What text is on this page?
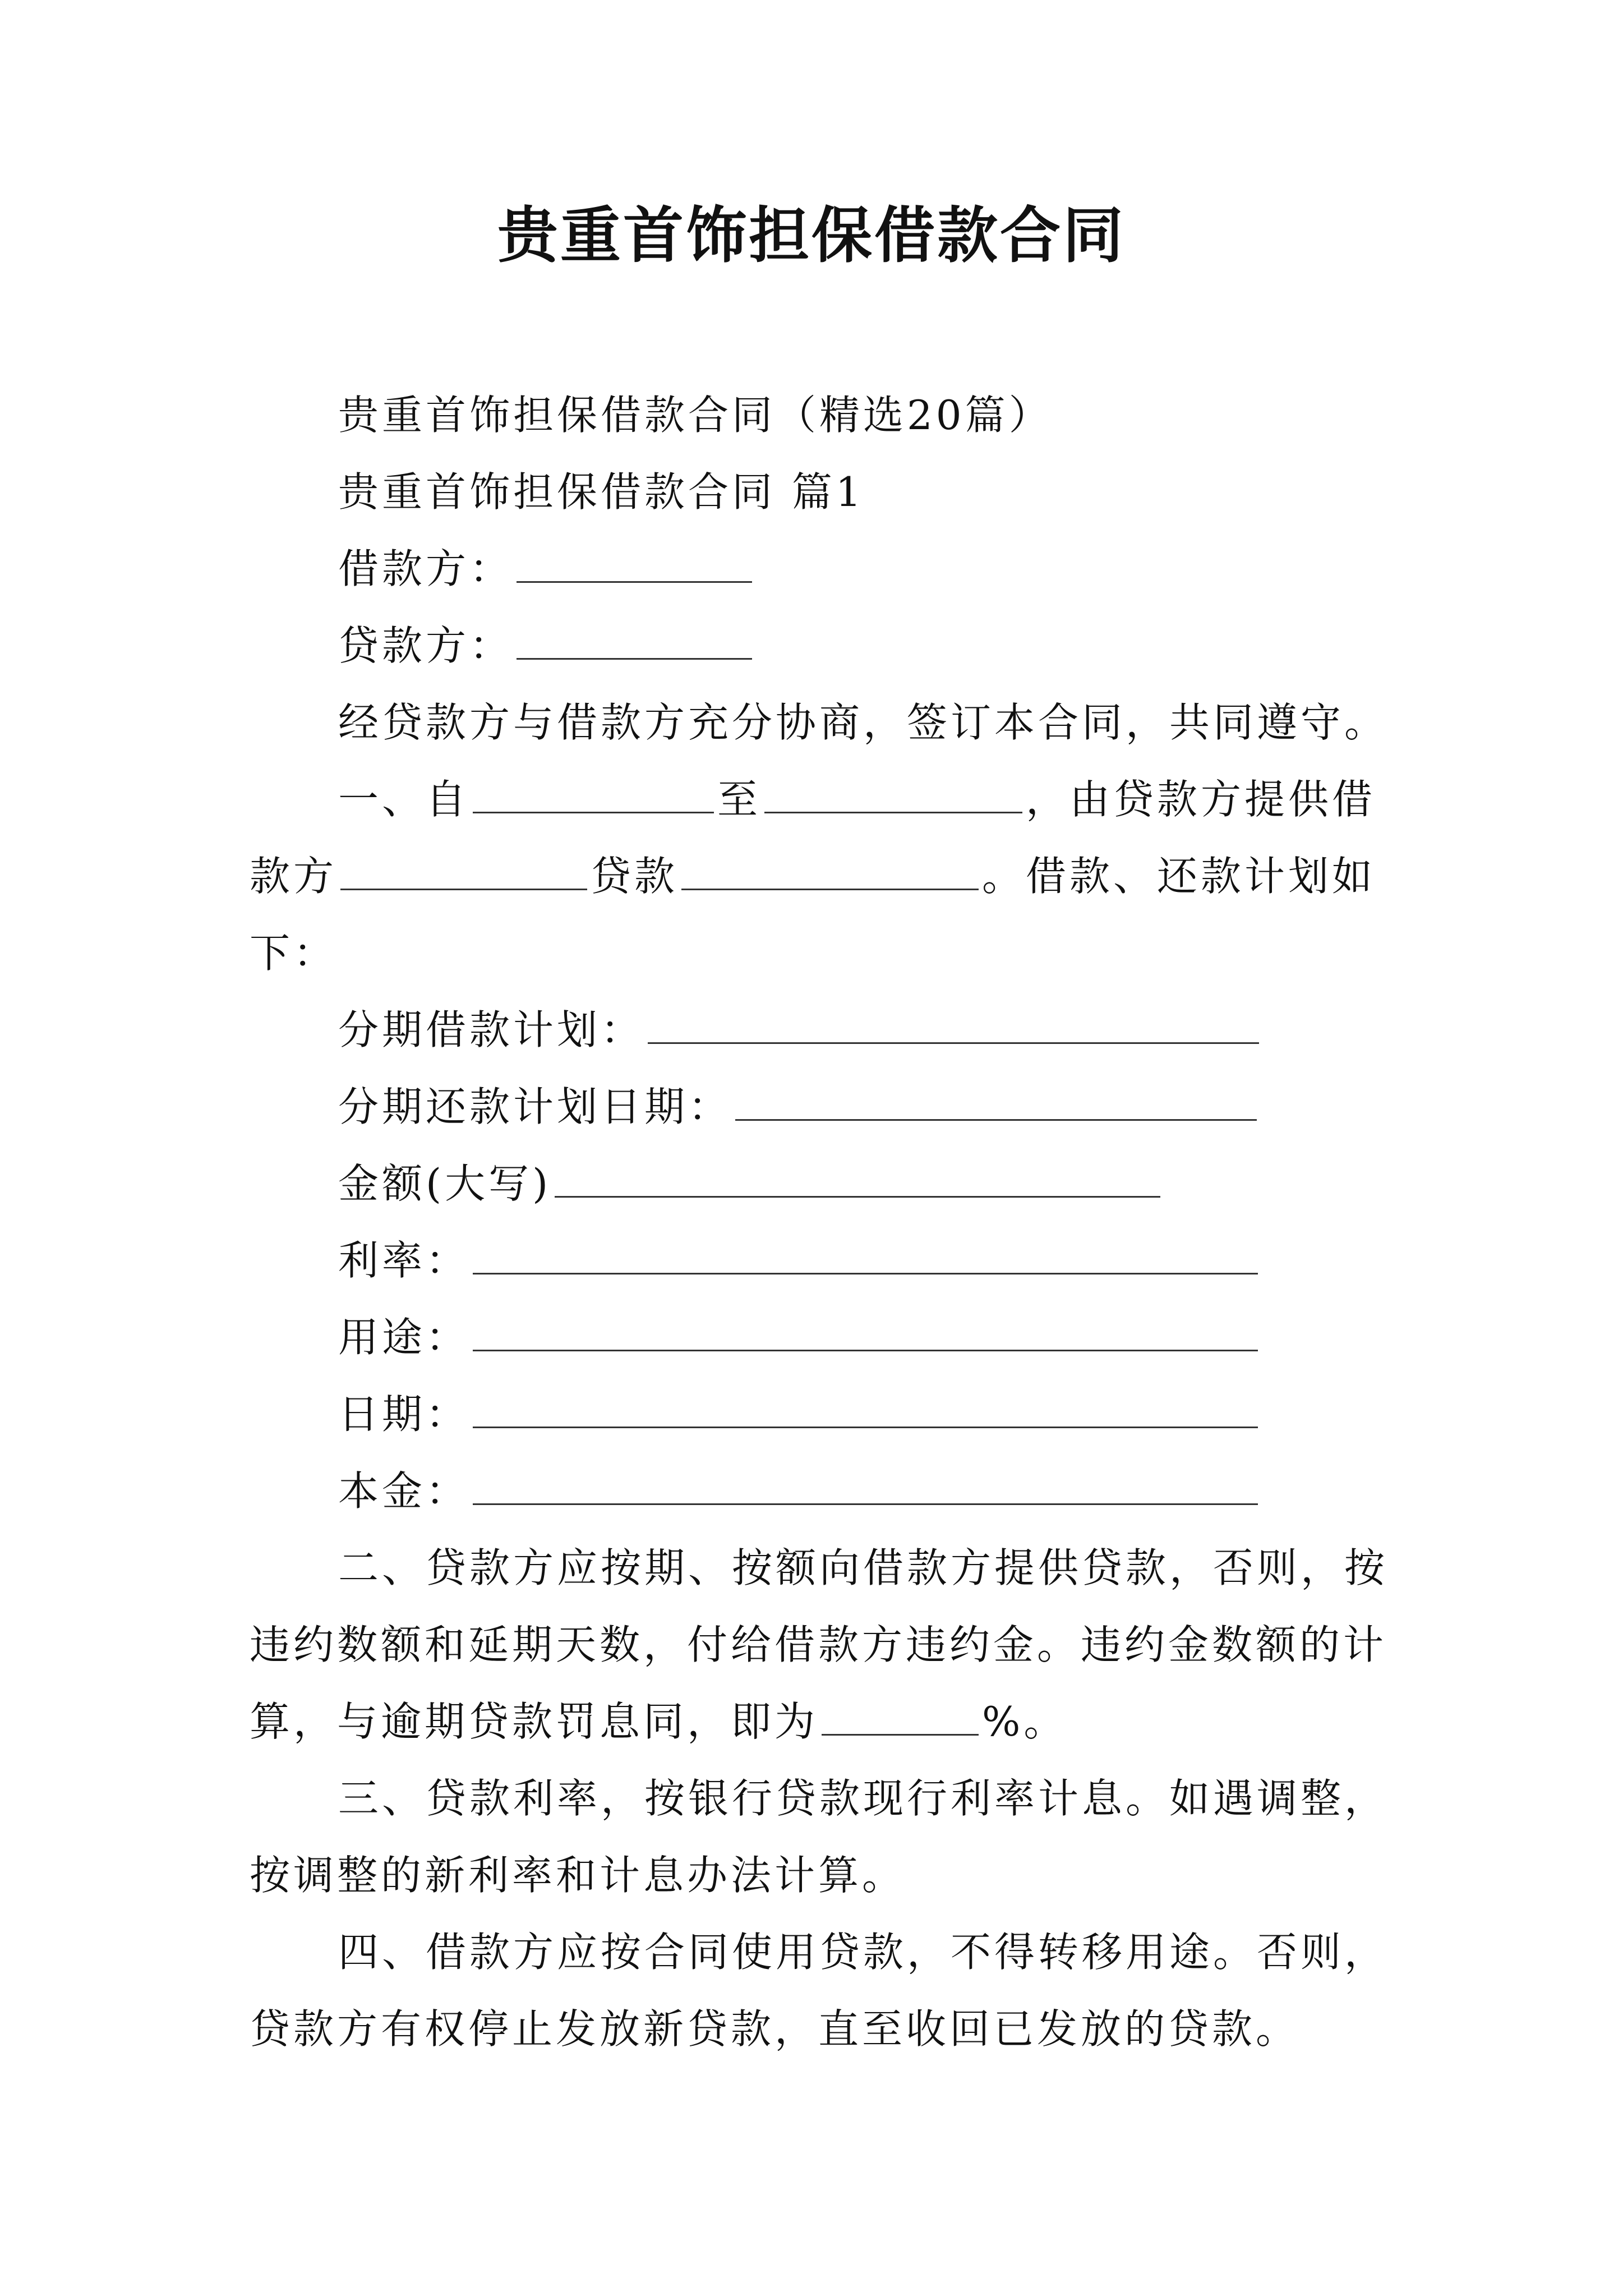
贵重首饰担保借款合同
贵重首饰担保借款合同（精选20篇）
贵重首饰担保借款合同 篇1
借款方：
贷款方：
经贷款方与借款方充分协商，签订本合同，共同遵守。
一、自	至	，由贷款方提供借
款方	贷款	。借款、还款计划如
下：
分期借款计划：
分期还款计划日期：
金额(大写)
利率：
用途：
日期：
本金：
二、贷款方应按期、按额向借款方提供贷款，否则，按
违约数额和延期天数，付给借款方违约金。违约金数额的计
算，与逾期贷款罚息同，即为	%。
三、贷款利率，按银行贷款现行利率计息。如遇调整，
按调整的新利率和计息办法计算。
四、借款方应按合同使用贷款，不得转移用途。否则，
贷款方有权停止发放新贷款，直至收回已发放的贷款。
